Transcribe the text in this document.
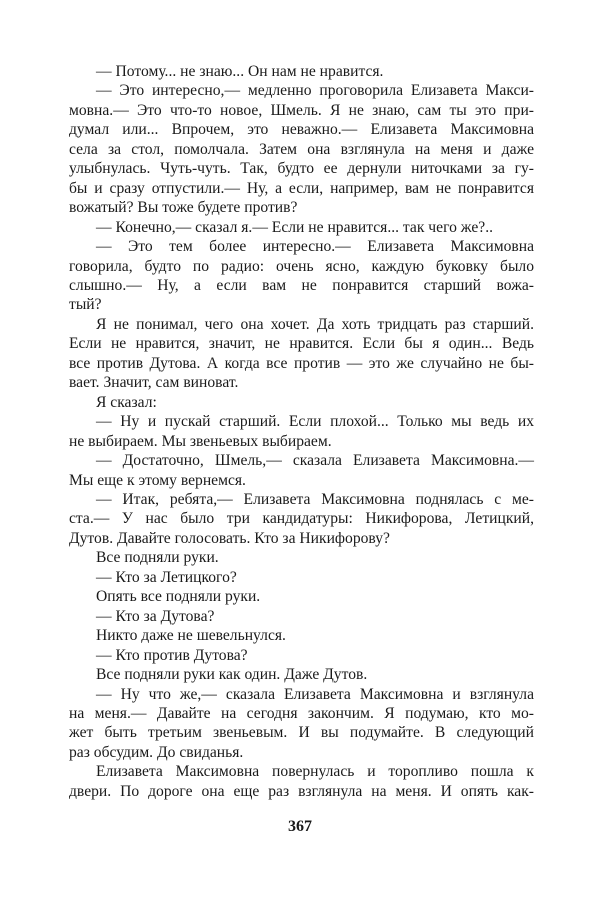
— Потому... не знаю... Он нам не нравится.
— Это интересно,— медленно проговорила Елизавета Макси-
мовна.— Это что-то новое, Шмель. Я не знаю, сам ты это при-
думал или... Впрочем, это неважно.— Елизавета Максимовна
села за стол, помолчала. Затем она взглянула на меня и даже
улыбнулась. Чуть-чуть. Так, будто ее дернули ниточками за гу-
бы и сразу отпустили.— Ну, а если, например, вам не понравится
вожатый? Вы тоже будете против?
— Конечно,— сказал я.— Если не нравится... так чего же?..
— Это тем более интересно.— Елизавета Максимовна
говорила, будто по радио: очень ясно, каждую буковку было
слышно.— Ну, а если вам не понравится старший вожа-
тый?
Я не понимал, чего она хочет. Да хоть тридцать раз старший.
Если не нравится, значит, не нравится. Если бы я один... Ведь
все против Дутова. А когда все против — это же случайно не бы-
вает. Значит, сам виноват.
Я сказал:
— Ну и пускай старший. Если плохой... Только мы ведь их
не выбираем. Мы звеньевых выбираем.
— Достаточно, Шмель,— сказала Елизавета Максимовна.—
Мы еще к этому вернемся.
— Итак, ребята,— Елизавета Максимовна поднялась с ме-
ста.— У нас было три кандидатуры: Никифорова, Летицкий,
Дутов. Давайте голосовать. Кто за Никифорову?
Все подняли руки.
— Кто за Летицкого?
Опять все подняли руки.
— Кто за Дутова?
Никто даже не шевельнулся.
— Кто против Дутова?
Все подняли руки как один. Даже Дутов.
— Ну что же,— сказала Елизавета Максимовна и взглянула
на меня.— Давайте на сегодня закончим. Я подумаю, кто мо-
жет быть третьим звеньевым. И вы подумайте. В следующий
раз обсудим. До свиданья.
Елизавета Максимовна повернулась и торопливо пошла к
двери. По дороге она еще раз взглянула на меня. И опять как-
367
